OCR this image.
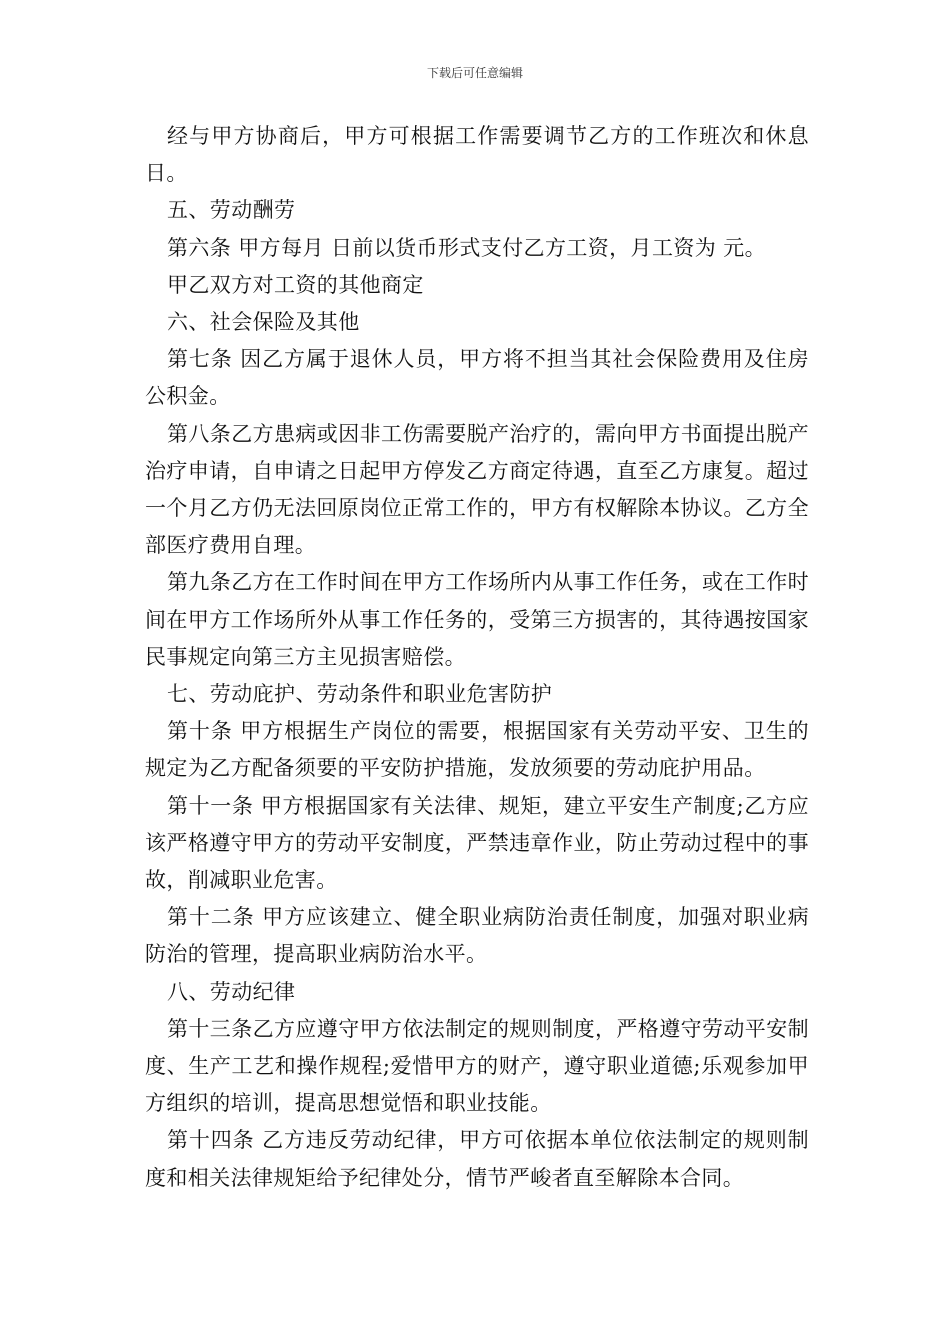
下载后可任意编辑

经与甲方协商后，甲方可根据工作需要调节乙方的工作班次和休息日。

五、劳动酬劳

第六条 甲方每月 日前以货币形式支付乙方工资，月工资为 元。

甲乙双方对工资的其他商定

六、社会保险及其他

第七条 因乙方属于退休人员，甲方将不担当其社会保险费用及住房公积金。

第八条乙方患病或因非工伤需要脱产治疗的，需向甲方书面提出脱产治疗申请，自申请之日起甲方停发乙方商定待遇，直至乙方康复。超过一个月乙方仍无法回原岗位正常工作的，甲方有权解除本协议。乙方全部医疗费用自理。

第九条乙方在工作时间在甲方工作场所内从事工作任务，或在工作时间在甲方工作场所外从事工作任务的，受第三方损害的，其待遇按国家民事规定向第三方主见损害赔偿。

七、劳动庇护、劳动条件和职业危害防护

第十条 甲方根据生产岗位的需要，根据国家有关劳动平安、卫生的规定为乙方配备须要的平安防护措施，发放须要的劳动庇护用品。

第十一条 甲方根据国家有关法律、规矩，建立平安生产制度;乙方应该严格遵守甲方的劳动平安制度，严禁违章作业，防止劳动过程中的事故，削减职业危害。

第十二条 甲方应该建立、健全职业病防治责任制度，加强对职业病防治的管理，提高职业病防治水平。

八、劳动纪律

第十三条乙方应遵守甲方依法制定的规则制度，严格遵守劳动平安制度、生产工艺和操作规程;爱惜甲方的财产，遵守职业道德;乐观参加甲方组织的培训，提高思想觉悟和职业技能。

第十四条 乙方违反劳动纪律，甲方可依据本单位依法制定的规则制度和相关法律规矩给予纪律处分，情节严峻者直至解除本合同。
